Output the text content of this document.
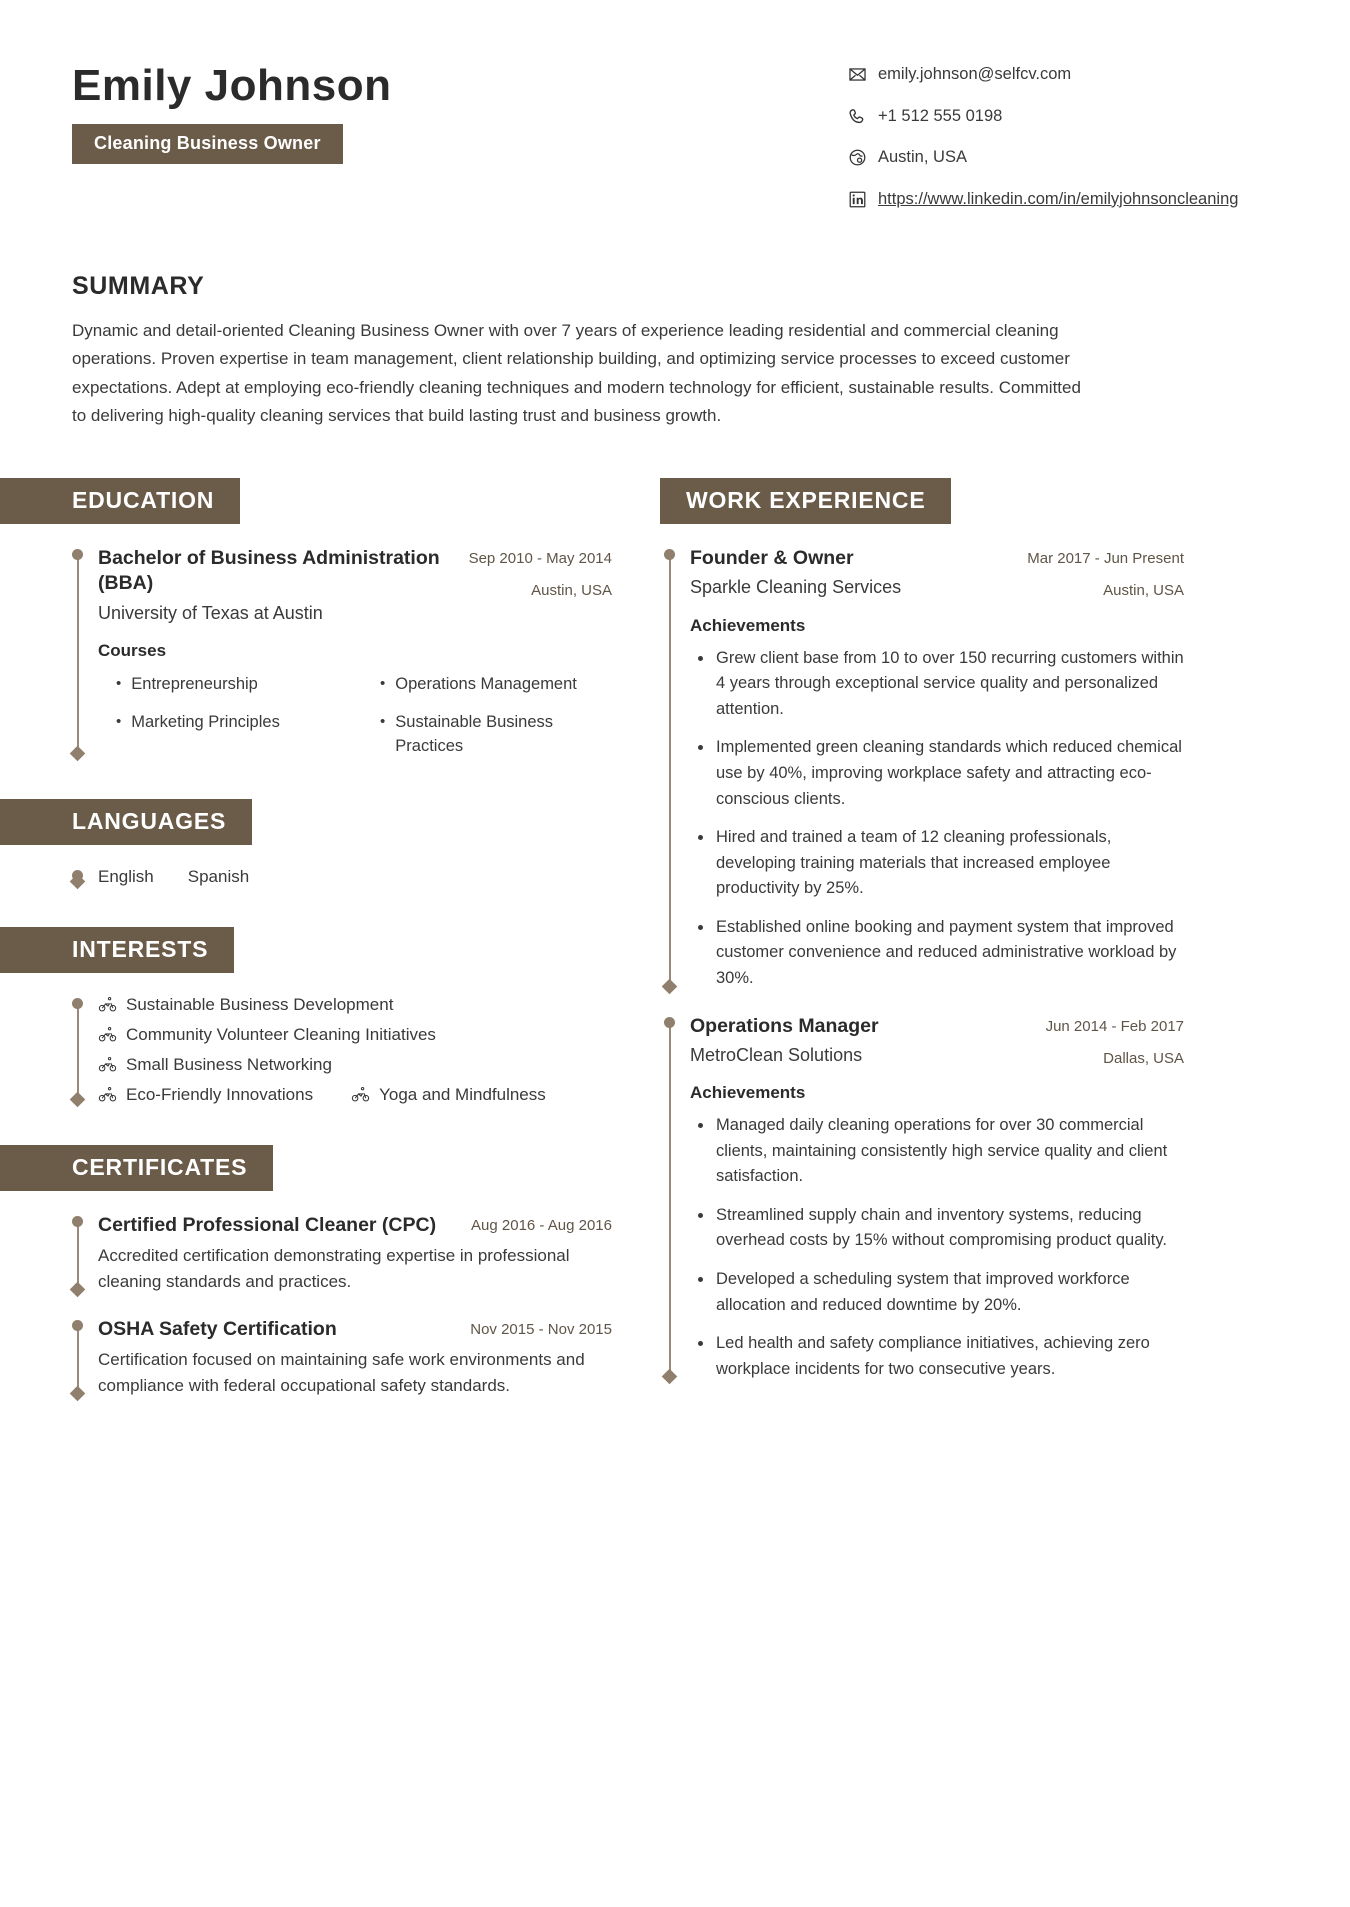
Emily Johnson
Cleaning Business Owner
emily.johnson@selfcv.com
+1 512 555 0198
Austin, USA
https://www.linkedin.com/in/emilyjohnsoncleaning
SUMMARY
Dynamic and detail-oriented Cleaning Business Owner with over 7 years of experience leading residential and commercial cleaning operations. Proven expertise in team management, client relationship building, and optimizing service processes to exceed customer expectations. Adept at employing eco-friendly cleaning techniques and modern technology for efficient, sustainable results. Committed to delivering high-quality cleaning services that build lasting trust and business growth.
EDUCATION
Bachelor of Business Administration (BBA)
University of Texas at Austin
Sep 2010 - May 2014
Austin, USA
Courses
• Entrepreneurship	• Operations Management
• Marketing Principles	• Sustainable Business Practices
LANGUAGES
English Spanish
INTERESTS
Sustainable Business Development
Community Volunteer Cleaning Initiatives
Small Business Networking
Eco-Friendly Innovations	Yoga and Mindfulness
CERTIFICATES
Certified Professional Cleaner (CPC)	Aug 2016 - Aug 2016
Accredited certification demonstrating expertise in professional cleaning standards and practices.
OSHA Safety Certification	Nov 2015 - Nov 2015
Certification focused on maintaining safe work environments and compliance with federal occupational safety standards.
WORK EXPERIENCE
Founder & Owner
Sparkle Cleaning Services
Mar 2017 - Jun Present
Austin, USA
Achievements
Grew client base from 10 to over 150 recurring customers within 4 years through exceptional service quality and personalized attention.
Implemented green cleaning standards which reduced chemical use by 40%, improving workplace safety and attracting eco-conscious clients.
Hired and trained a team of 12 cleaning professionals, developing training materials that increased employee productivity by 25%.
Established online booking and payment system that improved customer convenience and reduced administrative workload by 30%.
Operations Manager
MetroClean Solutions
Jun 2014 - Feb 2017
Dallas, USA
Achievements
Managed daily cleaning operations for over 30 commercial clients, maintaining consistently high service quality and client satisfaction.
Streamlined supply chain and inventory systems, reducing overhead costs by 15% without compromising product quality.
Developed a scheduling system that improved workforce allocation and reduced downtime by 20%.
Led health and safety compliance initiatives, achieving zero workplace incidents for two consecutive years.
